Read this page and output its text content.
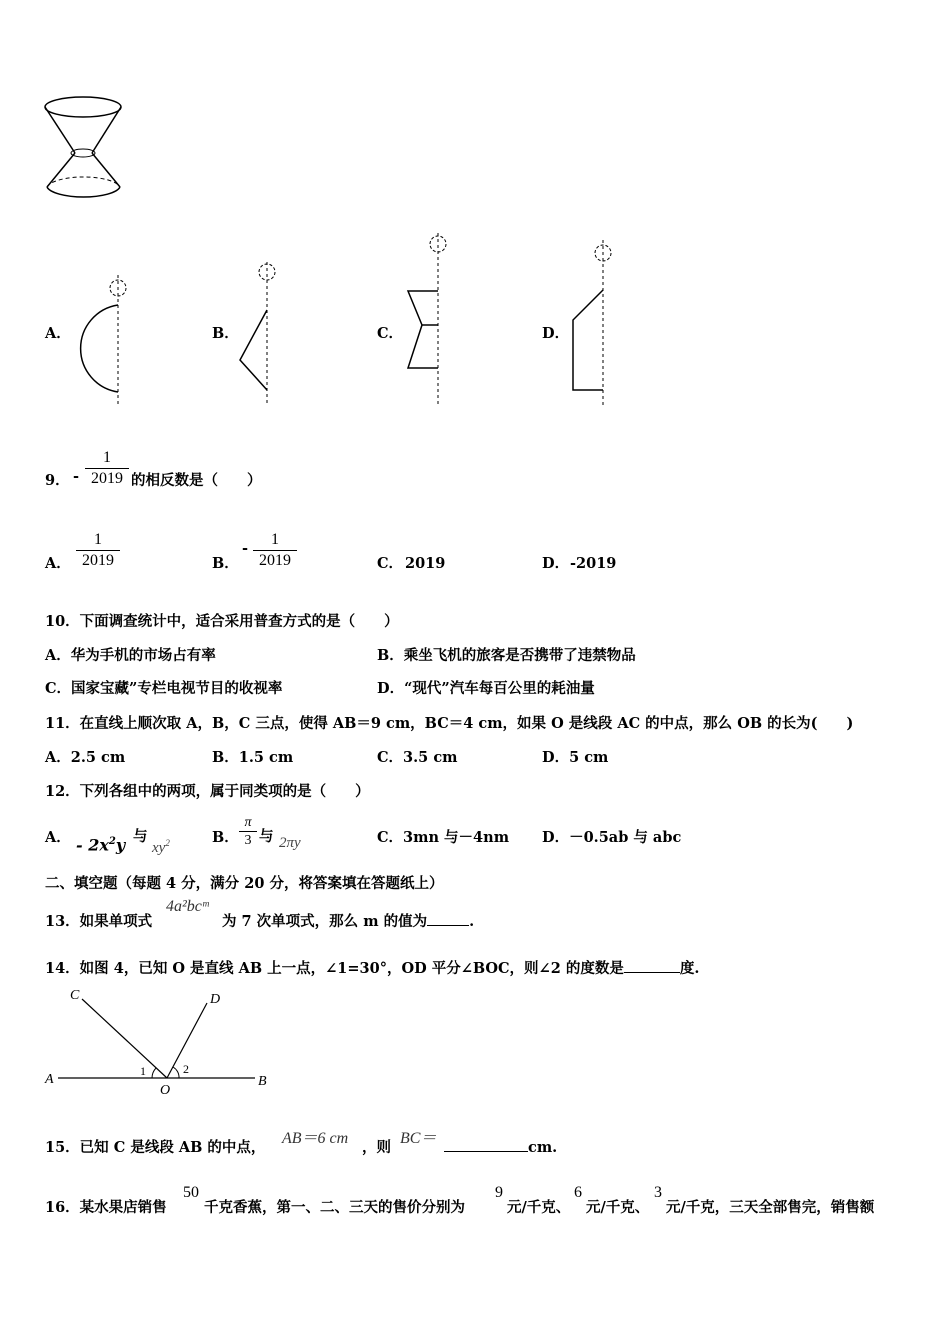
A．	B．	C．	D．
9． -
1
2019 的相反数是（　　）
A．
1
2019	B．
-
1
2019	C． 2019	D． -2019
10．下面调查统计中，适合采用普查方式的是（　　）
A．华为手机的市场占有率	B．乘坐飞机的旅客是否携带了违禁物品
C．国家宝藏”专栏电视节目的收视率	D．“现代”汽车每百公里的耗油量
11．在直线上顺次取 A，B，C 三点，使得 AB＝9 cm，BC＝4 cm，如果 O 是线段 AC 的中点，那么 OB 的长为(　　)
A．2.5 cm	B．1.5 cm	C．3.5 cm	D．5 cm
12．下列各组中的两项，属于同类项的是（　　）
A． - $2x^2y$ 与
$xy^2$	B．
π
3 与 2πy	C．3mn 与－4nm D．－0.5ab 与 abc
二、填空题（每题 4 分，满分 20 分，将答案填在答题纸上）
13．如果单项式
4a²bcᵐ
为 7 次单项式，那么 m 的值为	.
14．如图 4，已知 O 是直线 AB 上一点，∠1=30°，OD 平分∠BOC，则∠2 的度数是	度.
A	B
C	D
O
1	2
15．已知 C 是线段 AB 的中点，
AB＝6 cm
，则
BC＝
cm.
16．某水果店销售
50
千克香蕉，第一、二、三天的售价分别为
9
元/千克、
6
元/千克、
3
元/千克，三天全部售完，销售额
